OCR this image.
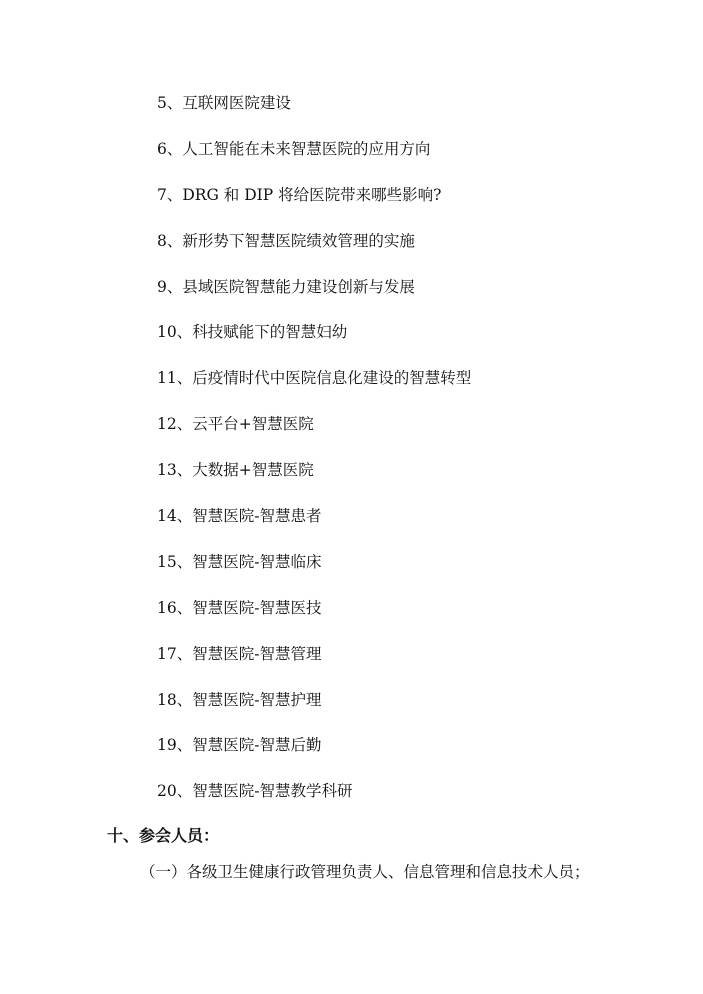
5、互联网医院建设
6、人工智能在未来智慧医院的应用方向
7、DRG 和 DIP 将给医院带来哪些影响?
8、新形势下智慧医院绩效管理的实施
9、县域医院智慧能力建设创新与发展
10、科技赋能下的智慧妇幼
11、后疫情时代中医院信息化建设的智慧转型
12、云平台+智慧医院
13、大数据+智慧医院
14、智慧医院-智慧患者
15、智慧医院-智慧临床
16、智慧医院-智慧医技
17、智慧医院-智慧管理
18、智慧医院-智慧护理
19、智慧医院-智慧后勤
20、智慧医院-智慧教学科研
十、参会人员：
（一）各级卫生健康行政管理负责人、信息管理和信息技术人员；
